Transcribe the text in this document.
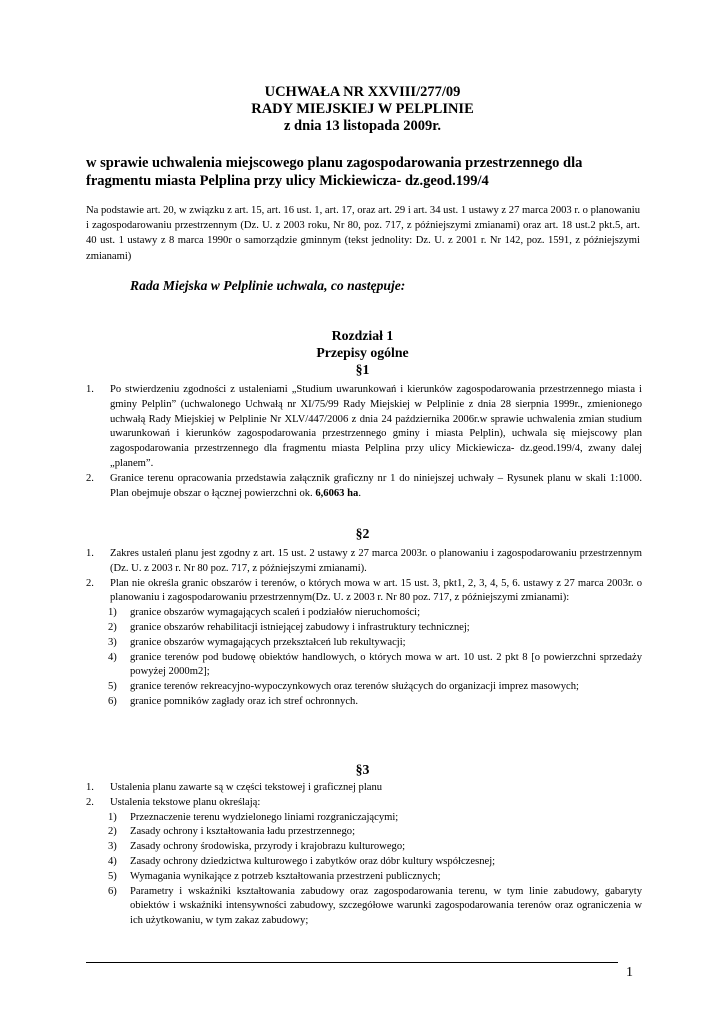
UCHWAŁA NR XXVIII/277/09
RADY MIEJSKIEJ W PELPLINIE
z dnia 13 listopada 2009r.
w sprawie uchwalenia miejscowego planu zagospodarowania przestrzennego dla fragmentu miasta Pelplina przy ulicy Mickiewicza- dz.geod.199/4
Na podstawie art. 20, w związku z art. 15, art. 16 ust. 1, art. 17, oraz art. 29 i art. 34 ust. 1 ustawy z 27 marca 2003 r. o planowaniu i zagospodarowaniu przestrzennym (Dz. U. z 2003 roku, Nr 80, poz. 717, z późniejszymi zmianami) oraz art. 18 ust.2 pkt.5, art. 40 ust. 1 ustawy z 8 marca 1990r o samorządzie gminnym (tekst jednolity: Dz. U. z 2001 r. Nr 142, poz. 1591, z późniejszymi zmianami)
Rada Miejska w Pelplinie uchwala, co następuje:
Rozdział 1
Przepisy ogólne
§1
1. Po stwierdzeniu zgodności z ustaleniami „Studium uwarunkowań i kierunków zagospodarowania przestrzennego miasta i gminy Pelplin” (uchwalonego Uchwałą nr XI/75/99 Rady Miejskiej w Pelplinie z dnia 28 sierpnia 1999r., zmienionego uchwałą Rady Miejskiej w Pelplinie Nr XLV/447/2006 z dnia 24 października 2006r.w sprawie uchwalenia zmian studium uwarunkowań i kierunków zagospodarowania przestrzennego gminy i miasta Pelplin), uchwala się miejscowy plan zagospodarowania przestrzennego dla fragmentu miasta Pelplina przy ulicy Mickiewicza- dz.geod.199/4, zwany dalej „planem”.
2. Granice terenu opracowania przedstawia załącznik graficzny nr 1 do niniejszej uchwały – Rysunek planu w skali 1:1000. Plan obejmuje obszar o łącznej powierzchni ok. 6,6063 ha.
§2
1. Zakres ustaleń planu jest zgodny z art. 15 ust. 2 ustawy z 27 marca 2003r. o planowaniu i zagospodarowaniu przestrzennym (Dz. U. z 2003 r. Nr 80 poz. 717, z późniejszymi zmianami).
2. Plan nie określa granic obszarów i terenów, o których mowa w art. 15 ust. 3, pkt1, 2, 3, 4, 5, 6. ustawy z 27 marca 2003r. o planowaniu i zagospodarowaniu przestrzennym(Dz. U. z 2003 r. Nr 80 poz. 717, z późniejszymi zmianami):
1) granice obszarów wymagających scaleń i podziałów nieruchomości;
2) granice obszarów rehabilitacji istniejącej zabudowy i infrastruktury technicznej;
3) granice obszarów wymagających przekształceń lub rekultywacji;
4) granice terenów pod budowę obiektów handlowych, o których mowa w art. 10 ust. 2 pkt 8 [o powierzchni sprzedaży powyżej 2000m2];
5) granice terenów rekreacyjno-wypoczynkowych oraz terenów służących do organizacji imprez masowych;
6) granice pomników zagłady oraz ich stref ochronnych.
§3
1. Ustalenia planu zawarte są w części tekstowej i graficznej planu
2. Ustalenia tekstowe planu określają:
1) Przeznaczenie terenu wydzielonego liniami rozgraniczającymi;
2) Zasady ochrony i kształtowania ładu przestrzennego;
3) Zasady ochrony środowiska, przyrody i krajobrazu kulturowego;
4) Zasady ochrony dziedzictwa kulturowego i zabytków oraz dóbr kultury współczesnej;
5) Wymagania wynikające z potrzeb kształtowania przestrzeni publicznych;
6) Parametry i wskaźniki kształtowania zabudowy oraz zagospodarowania terenu, w tym linie zabudowy, gabaryty obiektów i wskaźniki intensywności zabudowy, szczegółowe warunki zagospodarowania terenów oraz ograniczenia w ich użytkowaniu, w tym zakaz zabudowy;
1
